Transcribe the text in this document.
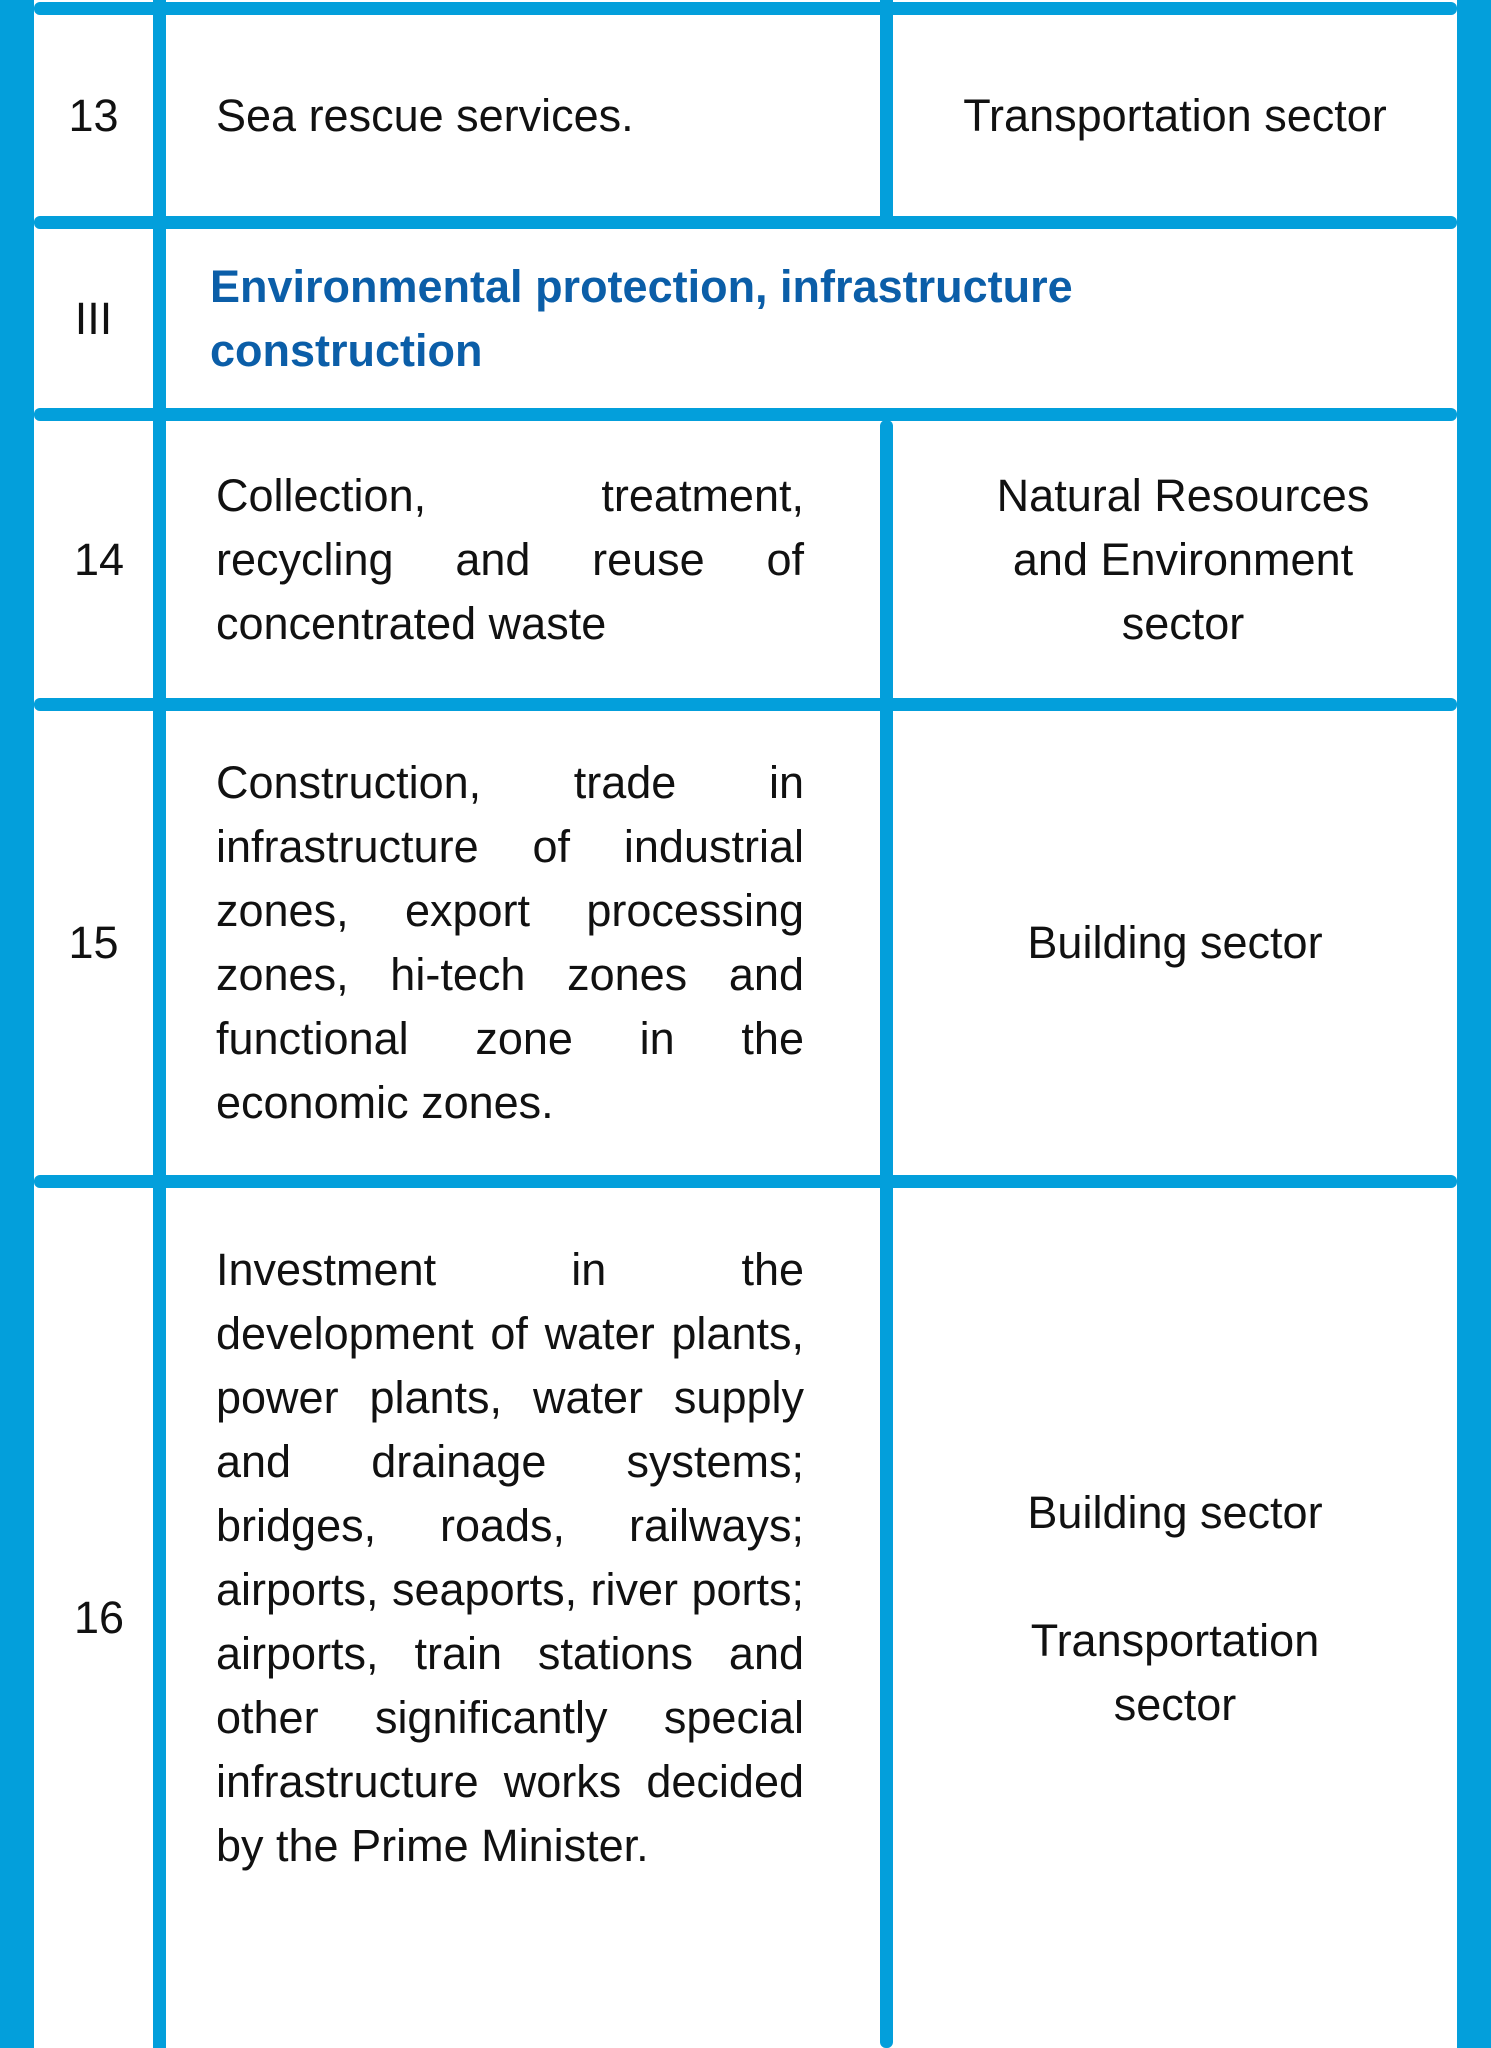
13 Sea rescue services.	Transportation sector
III
Environmental protection, infrastructure construction
14
Collection, treatment, recycling and reuse of concentrated waste
Natural Resources
and Environment
sector
15
Construction, trade in infrastructure of industrial zones, export processing zones, hi-tech zones and functional zone in the economic zones.
Building sector
16
Investment in the development of water plants, power plants, water supply and drainage systems; bridges, roads, railways; airports, seaports, river ports; airports, train stations and other significantly special infrastructure works decided by the Prime Minister.
Building sector
Transportation
sector
